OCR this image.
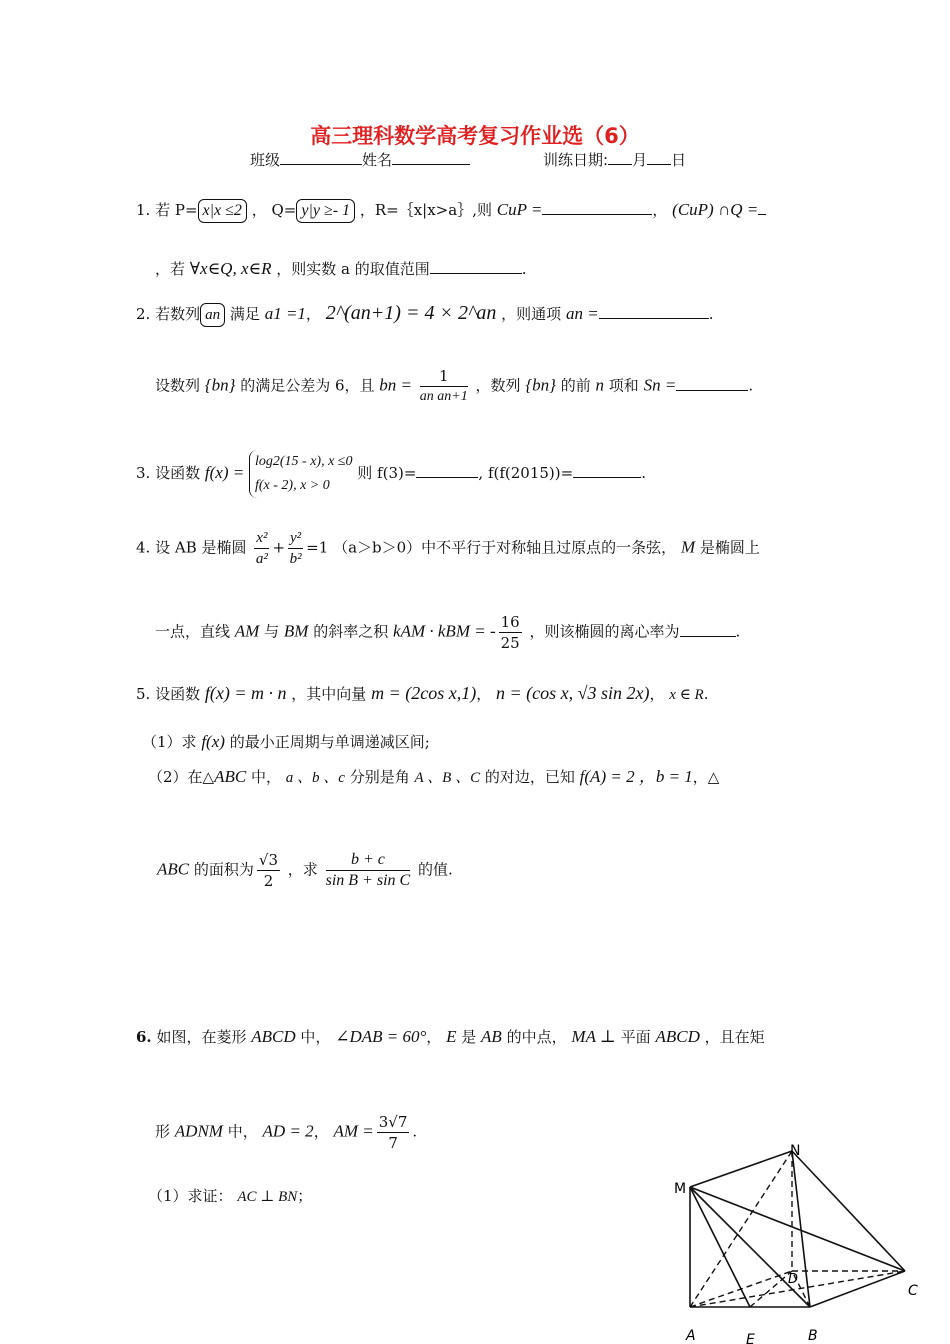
高三理科数学高考复习作业选（6）
班级	姓名	训练日期: 月 日
1. 若 P= x|x ≤2 ， Q= y|y ≥- 1 ，R=｛x|x>a｝,则 CuP =	， (CuP) ∩Q =
，若 ∀x∈Q, x∈R ，则实数 a 的取值范围	.
2. 若数列 an 满足 a1 =1， 2^(an+1) = 4 × 2^an ，则通项 an =	.
设数列 {bn} 的满足公差为 6，且 bn = $\frac{1}{\text{an an+1}}$ ，数列 {bn} 的前 n 项和 Sn =	.
3. 设函数 f(x) =
log2(15 - x), x ≤0
f(x - 2), x > 0
则 f(3)=	, f(f(2015))=	.
4. 设 AB 是椭圆 $\frac{\text{x²}}{\text{a²}} + \frac{\text{y²}}{\text{b²}} =1$ （a＞b＞0）中不平行于对称轴且过原点的一条弦， M 是椭圆上
一点，直线 AM 与 BM 的斜率之积 kAM · kBM = - $\frac{16}{25}$ ，则该椭圆的离心率为	.
5. 设函数 f(x) = m · n ，其中向量 m = (2cos x,1)， n = (cos x, √3 sin 2x)， x ∈ R.
（1）求 f(x) 的最小正周期与单调递减区间;
（2）在△ABC 中， a 、b 、c 分别是角 A 、B 、C 的对边，已知 f(A) = 2 ，b = 1，△
ABC 的面积为 $\frac{√3}{2}$ ，求 $\frac{b + c}{\text{sin B + sin C}}$ 的值.
6. 如图，在菱形 ABCD 中， ∠DAB = 60°， E 是 AB 的中点， MA ⊥ 平面 ABCD ，且在矩
形 ADNM 中， AD = 2， AM = $\frac{3√7}{7}$ .
（1）求证： AC ⊥ BN；	M
N
D
C
A	E	B
